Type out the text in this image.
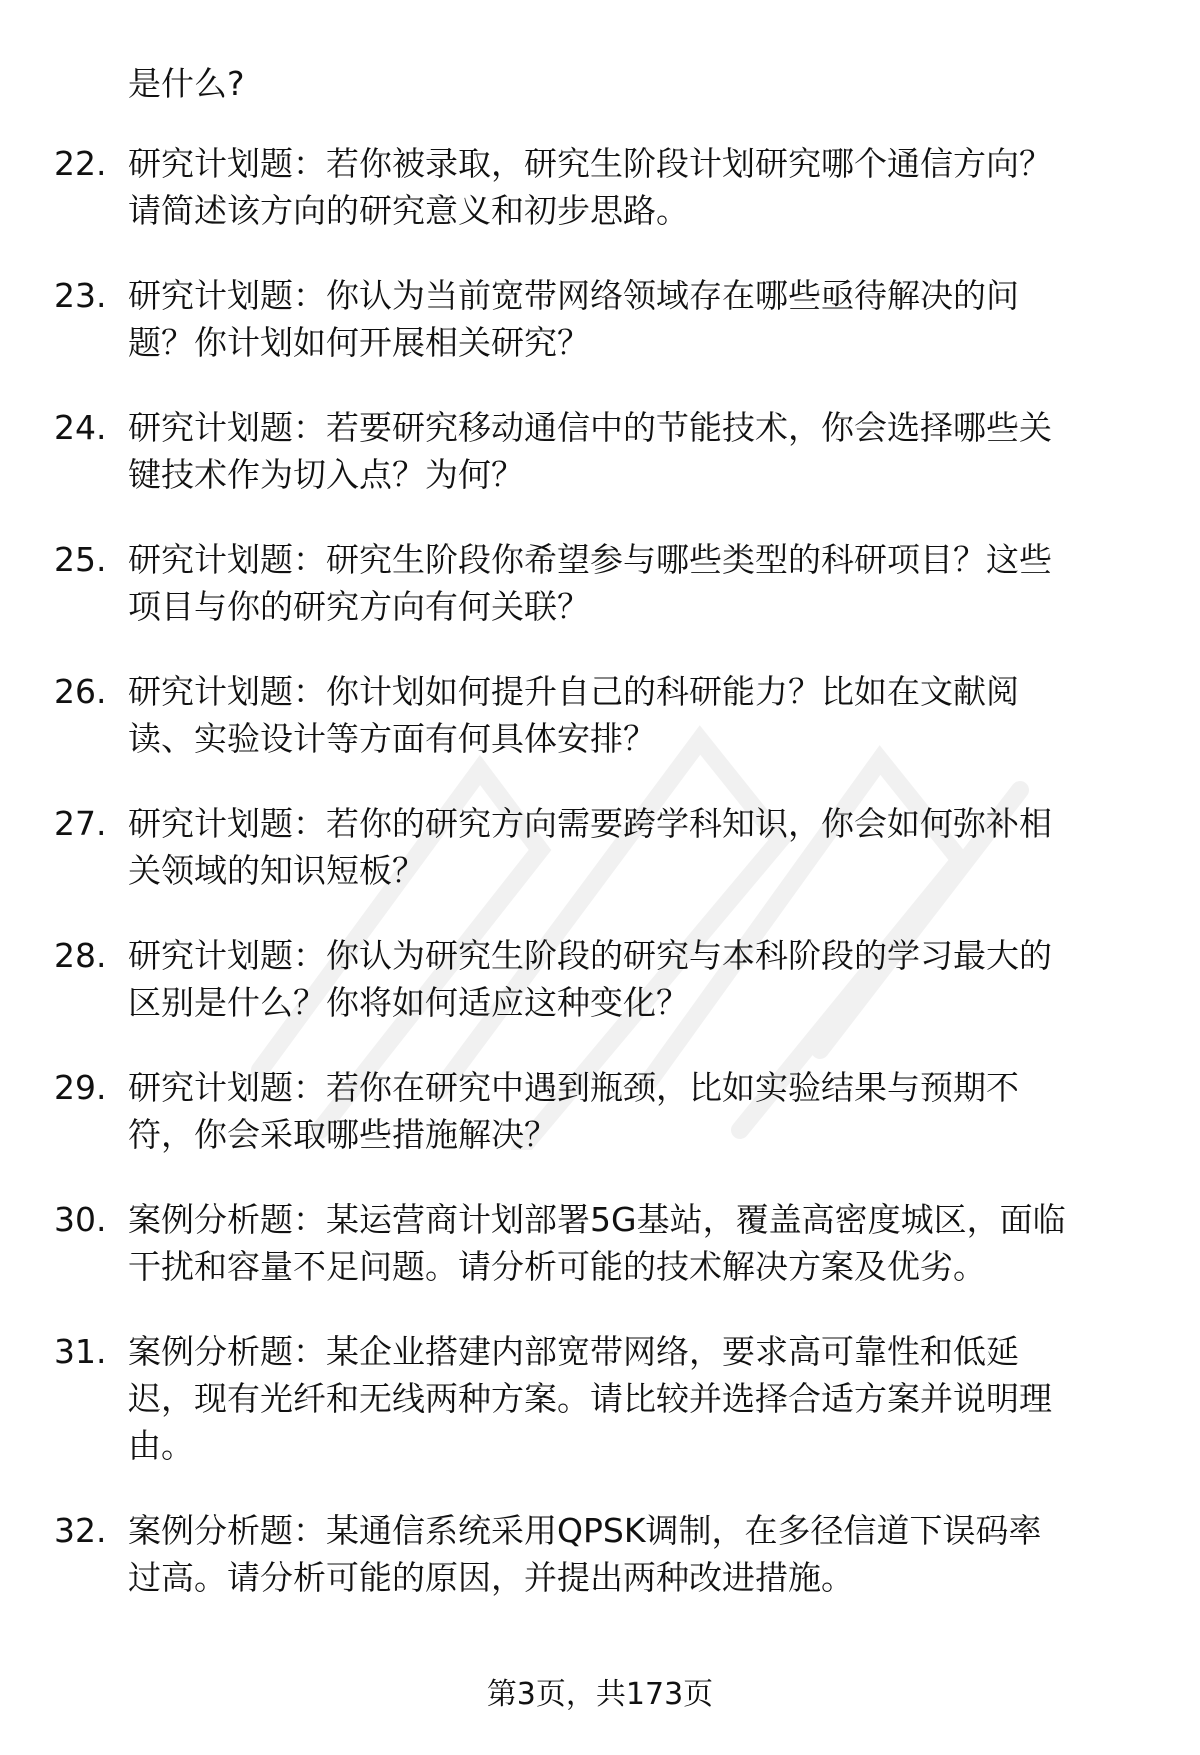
是什么?
22. 研究计划题：若你被录取，研究生阶段计划研究哪个通信方向？
请简述该方向的研究意义和初步思路。
23. 研究计划题：你认为当前宽带网络领域存在哪些亟待解决的问
题？你计划如何开展相关研究？
24. 研究计划题：若要研究移动通信中的节能技术，你会选择哪些关
键技术作为切入点？为何？
25. 研究计划题：研究生阶段你希望参与哪些类型的科研项目？这些
项目与你的研究方向有何关联？
26. 研究计划题：你计划如何提升自己的科研能力？比如在文献阅
读、实验设计等方面有何具体安排？
27. 研究计划题：若你的研究方向需要跨学科知识，你会如何弥补相
关领域的知识短板？
28. 研究计划题：你认为研究生阶段的研究与本科阶段的学习最大的
区别是什么？你将如何适应这种变化？
29. 研究计划题：若你在研究中遇到瓶颈，比如实验结果与预期不
符，你会采取哪些措施解决？
30. 案例分析题：某运营商计划部署5G基站，覆盖高密度城区，面临
干扰和容量不足问题。请分析可能的技术解决方案及优劣。
31. 案例分析题：某企业搭建内部宽带网络，要求高可靠性和低延
迟，现有光纤和无线两种方案。请比较并选择合适方案并说明理
由。
32. 案例分析题：某通信系统采用QPSK调制，在多径信道下误码率
过高。请分析可能的原因，并提出两种改进措施。
第3页，共173页
